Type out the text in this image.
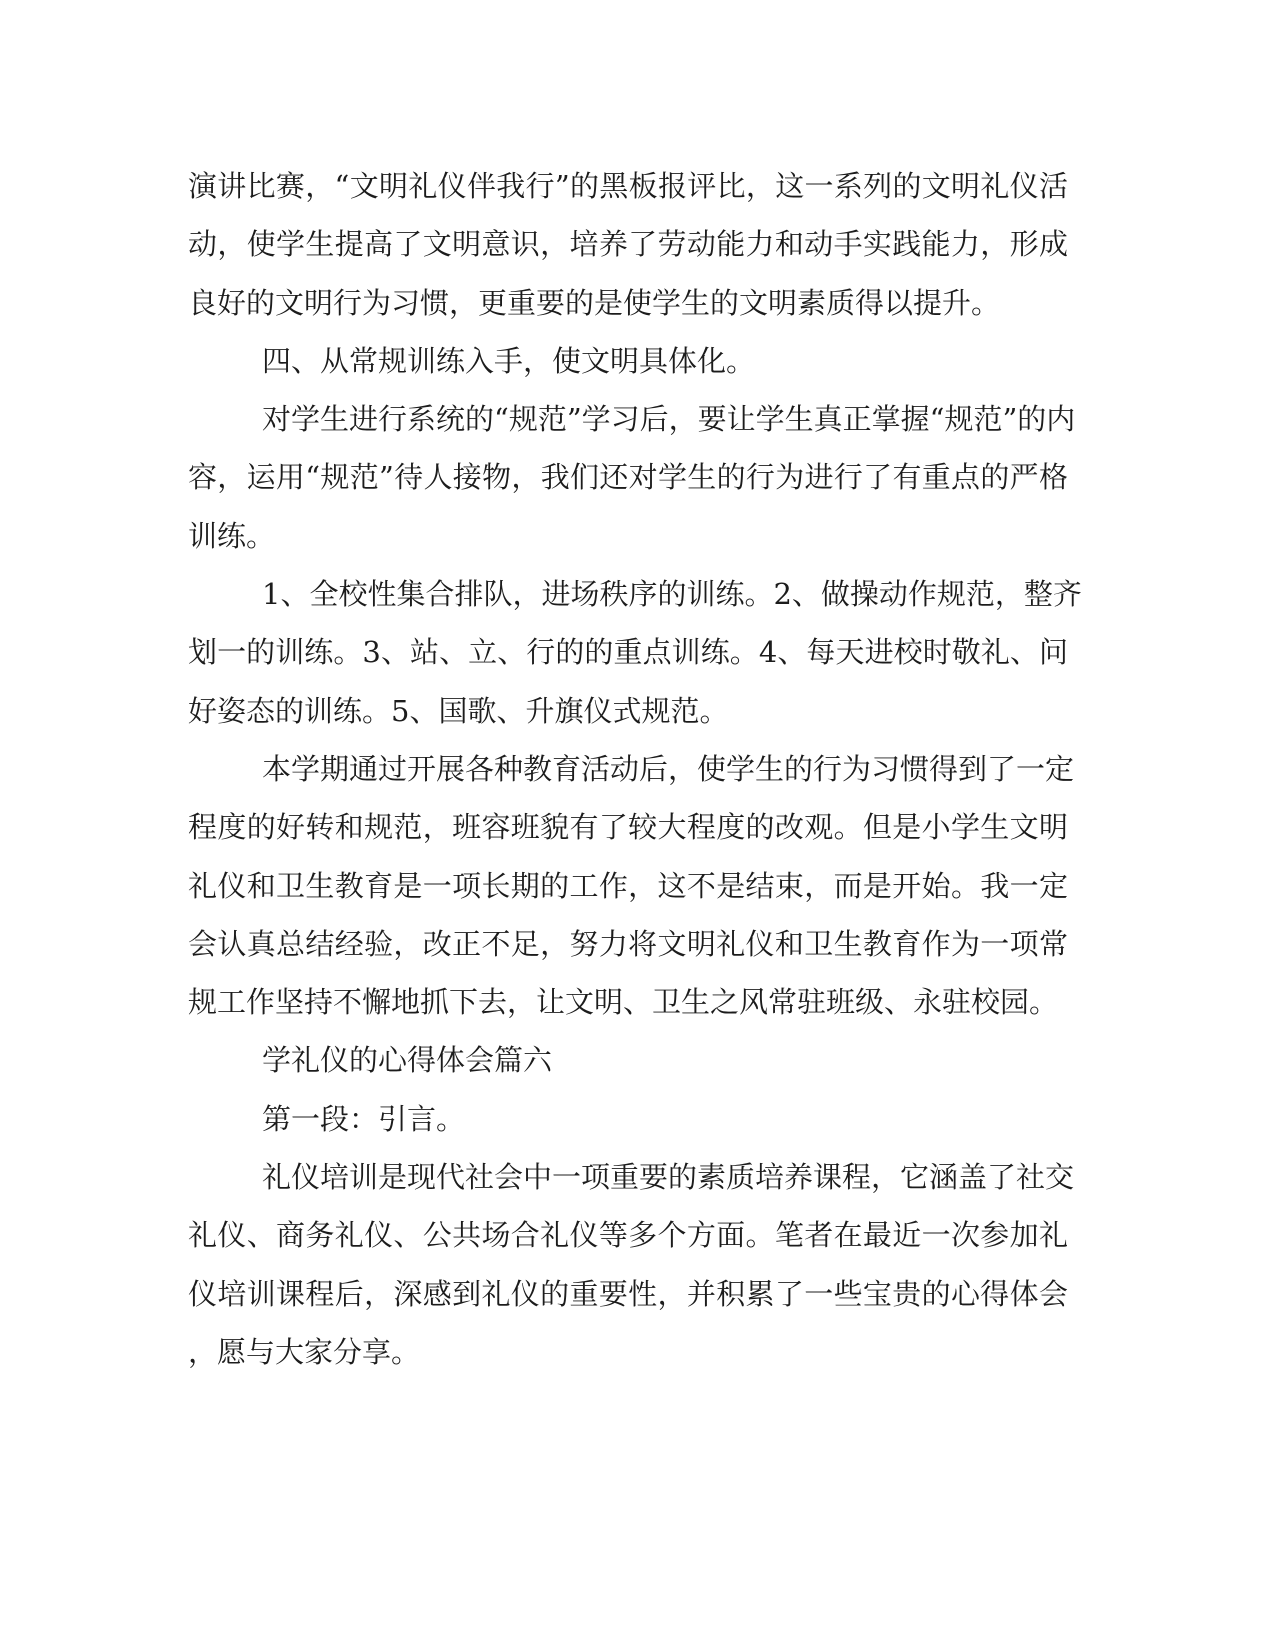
演讲比赛，“文明礼仪伴我行”的黑板报评比，这一系列的文明礼仪活
动，使学生提高了文明意识，培养了劳动能力和动手实践能力，形成
良好的文明行为习惯，更重要的是使学生的文明素质得以提升。
四、从常规训练入手，使文明具体化。
对学生进行系统的“规范”学习后，要让学生真正掌握“规范”的内
容，运用“规范”待人接物，我们还对学生的行为进行了有重点的严格
训练。
1、全校性集合排队，进场秩序的训练。2、做操动作规范，整齐
划一的训练。3、站、立、行的的重点训练。4、每天进校时敬礼、问
好姿态的训练。5、国歌、升旗仪式规范。
本学期通过开展各种教育活动后，使学生的行为习惯得到了一定
程度的好转和规范，班容班貌有了较大程度的改观。但是小学生文明
礼仪和卫生教育是一项长期的工作，这不是结束，而是开始。我一定
会认真总结经验，改正不足，努力将文明礼仪和卫生教育作为一项常
规工作坚持不懈地抓下去，让文明、卫生之风常驻班级、永驻校园。
学礼仪的心得体会篇六
第一段：引言。
礼仪培训是现代社会中一项重要的素质培养课程，它涵盖了社交
礼仪、商务礼仪、公共场合礼仪等多个方面。笔者在最近一次参加礼
仪培训课程后，深感到礼仪的重要性，并积累了一些宝贵的心得体会
，愿与大家分享。
